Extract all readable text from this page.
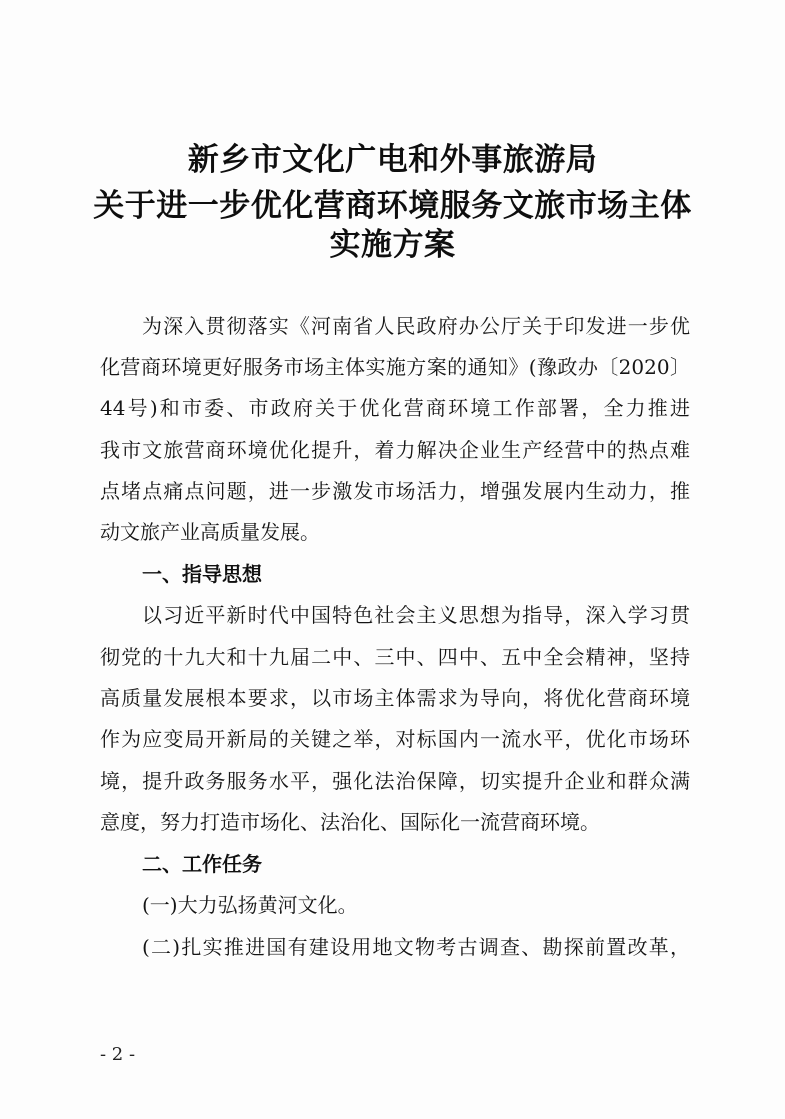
新乡市文化广电和外事旅游局
关于进一步优化营商环境服务文旅市场主体
实施方案
为深入贯彻落实《河南省人民政府办公厅关于印发进一步优
化营商环境更好服务市场主体实施方案的通知》(豫政办〔2020〕
44号)和市委、市政府关于优化营商环境工作部署，全力推进
我市文旅营商环境优化提升，着力解决企业生产经营中的热点难
点堵点痛点问题，进一步激发市场活力，增强发展内生动力，推
动文旅产业高质量发展。
一、指导思想
以习近平新时代中国特色社会主义思想为指导，深入学习贯
彻党的十九大和十九届二中、三中、四中、五中全会精神，坚持
高质量发展根本要求，以市场主体需求为导向，将优化营商环境
作为应变局开新局的关键之举，对标国内一流水平，优化市场环
境，提升政务服务水平，强化法治保障，切实提升企业和群众满
意度，努力打造市场化、法治化、国际化一流营商环境。
二、工作任务
(一)大力弘扬黄河文化。
(二)扎实推进国有建设用地文物考古调查、勘探前置改革，
- 2 -
